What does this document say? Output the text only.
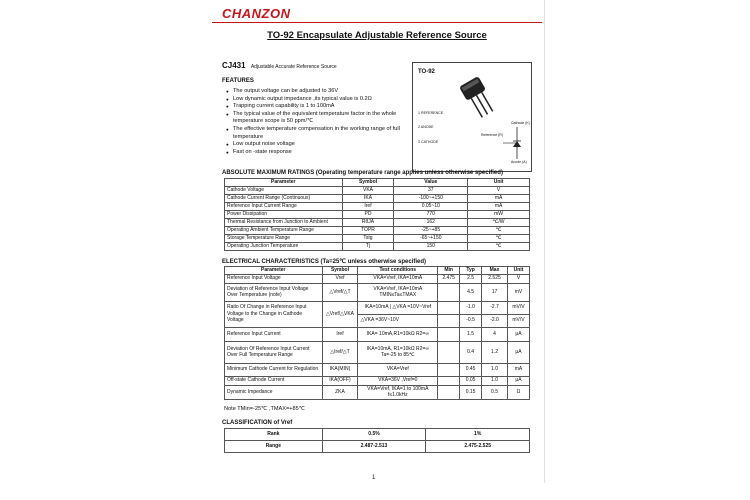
CHANZON
TO-92 Encapsulate Adjustable Reference Source
CJ431 Adjustable Accurate Reference Source
FEATURES
● The output voltage can be adjusted to 36V
● Low dynamic output impedance ,its typical value is 0.2Ω
● Trapping current capability is 1 to 100mA
● The typical value of the equivalent temperature factor in the whole temperature scope is 50 ppm/℃
● The effective temperature compensation in the working range of full temperature
● Low output noise voltage
● Fast on -state response
TO-92
1 REFERENCE
2 ANODE
3 CATHODE
Reference (R)
Cathode (K)
Anode (A)
ABSOLUTE MAXIMUM RATINGS (Operating temperature range applies unless otherwise specified)
Parameter	Symbol	Value	Unit
Cathode Voltage	VKA	37	V
Cathode Current Range (Continuous)	IKA	-100~+150	mA
Reference Input Current Range	Iref	0.05~10	mA
Power Dissipation	PD	770	mW
Thermal Resistance from Junction to Ambient	RθJA	162	℃/W
Operating Ambient Temperature Range	TOPR	-25~+85	℃
Storage Temperature Range	Tstg	-65~+150	℃
Operating Junction Temperature	Tj	150	℃
ELECTRICAL CHARACTERISTICS (Ta=25℃ unless otherwise specified)
Parameter	Symbol	Test conditions	Min	Typ	Max	Unit
Reference Input Voltage	Vref	VKA=Vref, IKA=10mA	2.475	2.5	2.525	V
Deviation of Reference Input Voltage Over Temperature (note)	△Vref/△T	VKA=Vref, IKA=10mA TMIN≤Ta≤TMAX		4.5	17	mV
Ratio Of Change in Reference Input Voltage to the Change in Cathode Voltage	△Vref/△VKA	IKA=10mA | △VKA =10V~Vref		-1.0	-2.7	mV/V
		△VKA =36V~10V		-0.5	-2.0	mV/V
Reference Input Current	Iref	IKA= 10mA,R1=10kΩ R2=∞		1.5	4	μA
Deviation Of Reference Input Current Over Full Temperature Range	△Iref/△T	IKA=10mA, R1=10kΩ R2=∞ Ta=-25 to 85℃		0.4	1.2	μA
Minimum Cathode Current for Regulation	IKA(MIN)	VKA=Vref		0.45	1.0	mA
Off-state Cathode Current	IKA(OFF)	VKA=36V ,Vref=0		0.05	1.0	μA
Dynamic Impedance	ZKA	VKA=Vref, IKA=1 to 100mA f≤1.0kHz		0.15	0.5	Ω
Note TMin=-25℃ ,TMAX=+85℃
CLASSIFICATION of Vref
Rank	0.5%	1%
Range	2.487-2.513	2.475-2.525
1
